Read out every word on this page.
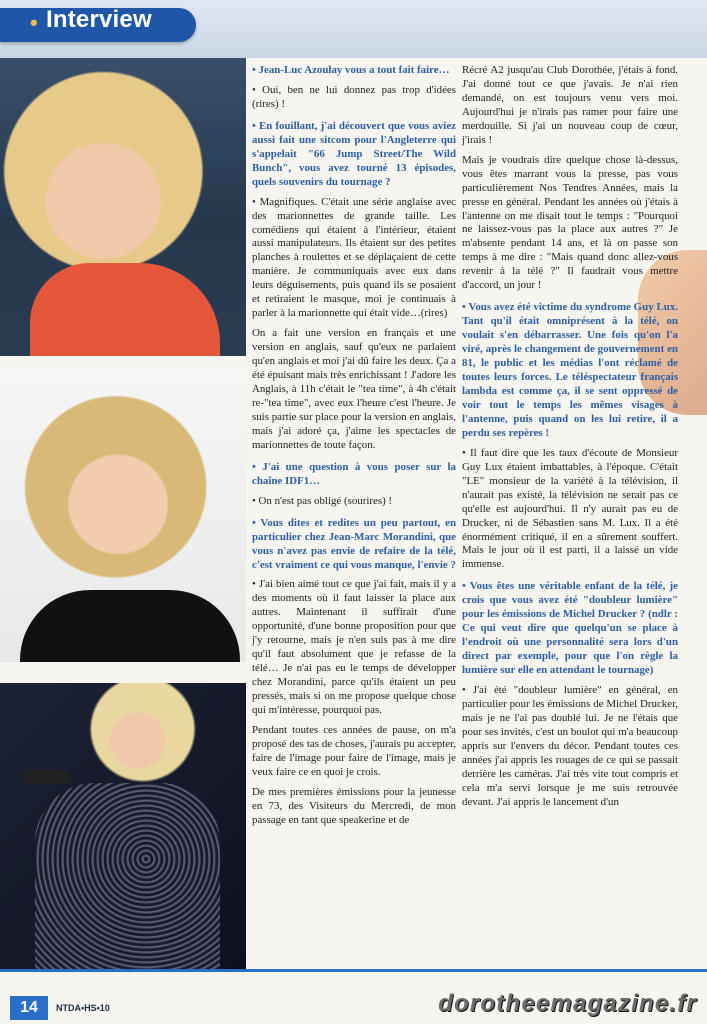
• Interview

• Jean-Luc Azoulay vous a tout fait faire…

• Oui, ben ne lui donnez pas trop d'idées (rires) !

• En fouillant, j'ai découvert que vous aviez aussi fait une sitcom pour l'Angleterre qui s'appelait "66 Jump Street/The Wild Bunch", vous avez tourné 13 épisodes, quels souvenirs du tournage ?

• Magnifiques. C'était une série anglaise avec des marionnettes de grande taille. Les comédiens qui étaient à l'intérieur, étaient aussi manipulateurs. Ils étaient sur des petites planches à roulettes et se déplaçaient de cette manière. Je communiquais avec eux dans leurs déguisements, puis quand ils se posaient et retiraient le masque, moi je continuais à parler à la marionnette qui était vide…(rires)

On a fait une version en français et une version en anglais, sauf qu'eux ne parlaient qu'en anglais et moi j'ai dû faire les deux. Ça a été épuisant mais très enrichissant ! J'adore les Anglais, à 11h c'était le "tea time", à 4h c'était re-"tea time", avec eux l'heure c'est l'heure. Je suis partie sur place pour la version en anglais, mais j'ai adoré ça, j'aime les spectacles de marionnettes de toute façon.

• J'ai une question à vous poser sur la chaîne IDF1…

• On n'est pas obligé (sourires) !

• Vous dites et redites un peu partout, en particulier chez Jean-Marc Morandini, que vous n'avez pas envie de refaire de la télé, c'est vraiment ce qui vous manque, l'envie ?

• J'ai bien aimé tout ce que j'ai fait, mais il y a des moments où il faut laisser la place aux autres. Maintenant il suffirait d'une opportunité, d'une bonne proposition pour que j'y retourne, mais je n'en suis pas à me dire qu'il faut absolument que je refasse de la télé… Je n'ai pas eu le temps de développer chez Morandini, parce qu'ils étaient un peu pressés, mais si on me propose quelque chose qui m'intéresse, pourquoi pas.

Pendant toutes ces années de pause, on m'a proposé des tas de choses, j'aurais pu accepter, faire de l'image pour faire de l'image, mais je veux faire ce en quoi je crois.

De mes premières émissions pour la jeunesse en 73, des Visiteurs du Mercredi, de mon passage en tant que speakerine et de

Récré A2 jusqu'au Club Dorothée, j'étais à fond. J'ai donné tout ce que j'avais. Je n'ai rien demandé, on est toujours venu vers moi. Aujourd'hui je n'irais pas ramer pour faire une merdouille. Si j'ai un nouveau coup de cœur, j'irais !

Mais je voudrais dire quelque chose là-dessus, vous êtes marrant vous la presse, pas vous particulièrement Nos Tendres Années, mais la presse en général. Pendant les années où j'étais à l'antenne on me disait tout le temps : "Pourquoi ne laissez-vous pas la place aux autres ?" Je m'absente pendant 14 ans, et là on passe son temps à me dire : "Mais quand donc allez-vous revenir à la télé ?" Il faudrait vous mettre d'accord, un jour !

• Vous avez été victime du syndrome Guy Lux. Tant qu'il était omniprésent à la télé, on voulait s'en débarrasser. Une fois qu'on l'a viré, après le changement de gouvernement en 81, le public et les médias l'ont réclamé de toutes leurs forces. Le téléspectateur français lambda est comme ça, il se sent oppressé de voir tout le temps les mêmes visages à l'antenne, puis quand on les lui retire, il a perdu ses repères !

• Il faut dire que les taux d'écoute de Monsieur Guy Lux étaient imbattables, à l'époque. C'était "LE" monsieur de la variété à la télévision, il n'aurait pas existé, la télévision ne serait pas ce qu'elle est aujourd'hui. Il n'y aurait pas eu de Drucker, ni de Sébastien sans M. Lux. Il a été énormément critiqué, il en a sûrement souffert. Mais le jour où il est parti, il a laissé un vide immense.

• Vous êtes une véritable enfant de la télé, je crois que vous avez été "doubleur lumière" pour les émissions de Michel Drucker ? (ndlr : Ce qui veut dire que quelqu'un se place à l'endroit où une personnalité sera lors d'un direct par exemple, pour que l'on règle la lumière sur elle en attendant le tournage)

• J'ai été "doubleur lumière" en général, en particulier pour les émissions de Michel Drucker, mais je ne l'ai pas doublé lui. Je ne l'étais que pour ses invités, c'est un boulot qui m'a beaucoup appris sur l'envers du décor. Pendant toutes ces années j'ai appris les rouages de ce qui se passait derrière les caméras. J'ai très vite tout compris et cela m'a servi lorsque je me suis retrouvée devant. J'ai appris le lancement d'un

14	NTDA•HS•10	dorotheemagazine.fr
